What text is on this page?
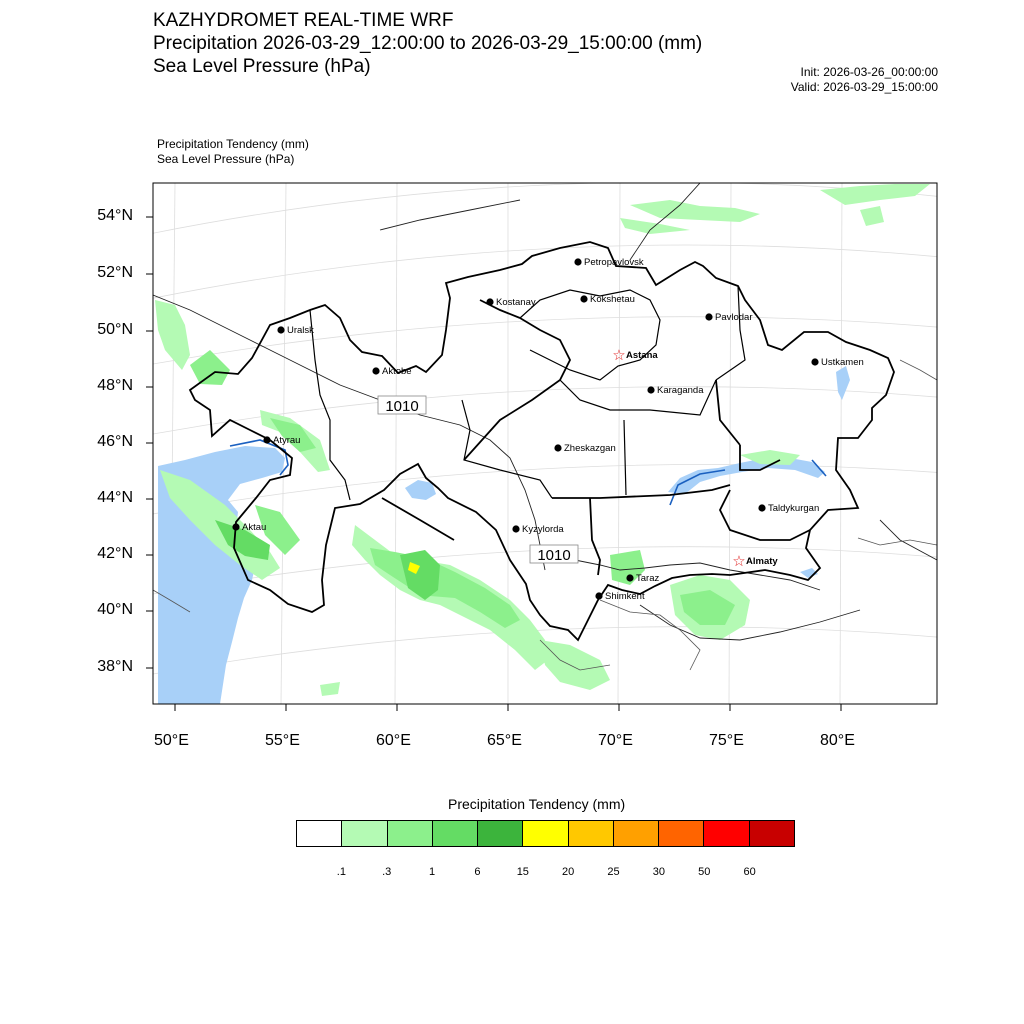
KAZHYDROMET REAL-TIME WRF
Precipitation 2026-03-29_12:00:00 to 2026-03-29_15:00:00 (mm)
Sea Level Pressure (hPa)	Init: 2026-03-26_00:00:00
Valid: 2026-03-29_15:00:00
Precipitation Tendency (mm)
Sea Level Pressure (hPa)
1010
1010
Petropavlovsk
Kostanay	Kokshetau
Pavlodar
Uralsk
☆ Astana
Ustkamen
Aktobe
Karaganda
Atyrau
Zheskazgan
Taldykurgan
Aktau	Kyzylorda
☆ Almaty
Taraz
Shimkent
54°N
52°N
50°N
48°N
46°N
44°N
42°N
40°N
38°N
50°E	55°E	60°E	65°E	70°E	75°E	80°E
Precipitation Tendency (mm)
.1	.3	1	6	15	20	25	30	50	60
